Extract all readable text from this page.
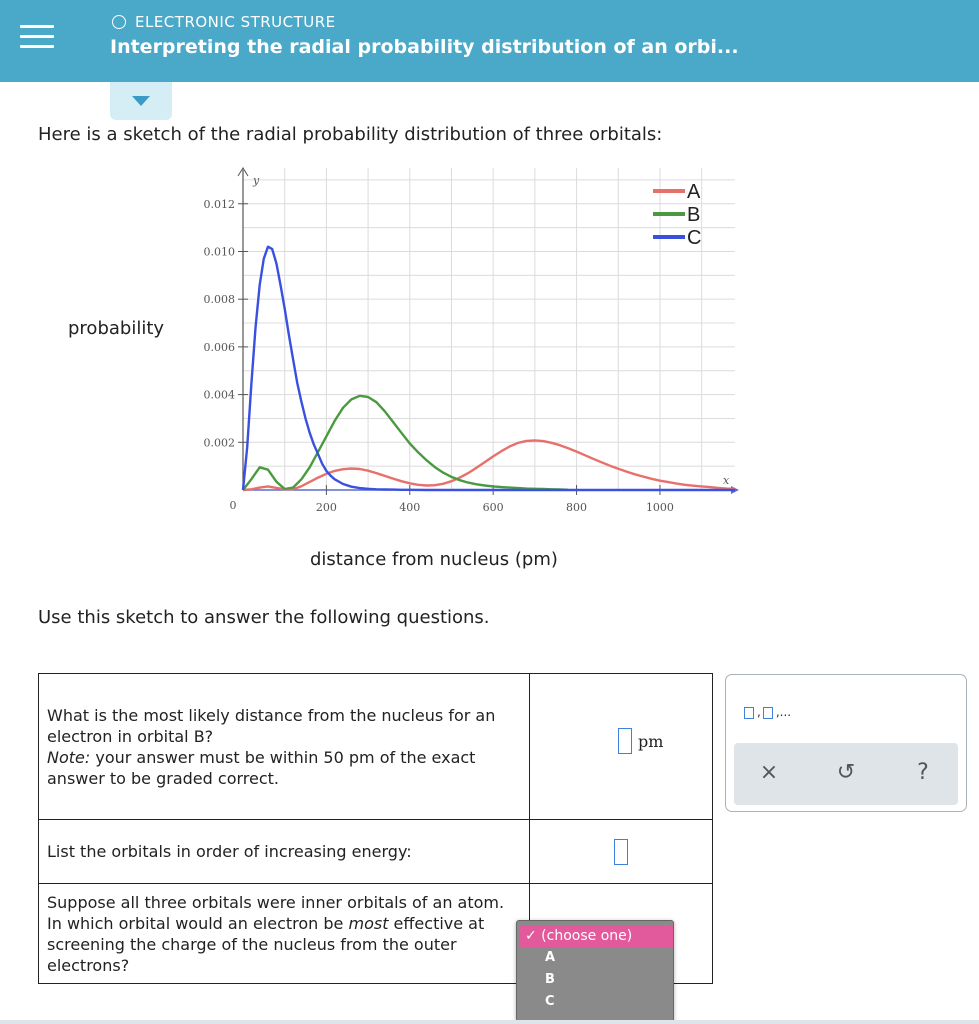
ELECTRONIC STRUCTURE
Interpreting the radial probability distribution of an orbi...
Here is a sketch of the radial probability distribution of three orbitals:
probability
distance from nucleus (pm)
0.002
0.004
0.006
0.008
0.010
0.012
200	400	600	800	1000
0
y
x
A
B
C
Use this sketch to answer the following questions.
What is the most likely distance from the nucleus for an electron in orbital B?
Note: your answer must be within 50 pm of the exact answer to be graded correct.	pm

List the orbitals in order of increasing energy:	

Suppose all three orbitals were inner orbitals of an atom. In which orbital would an electron be most effective at screening the charge of the nucleus from the outer electrons?	
✓ (choose one)
A
B
C
, ,...
×	↺	?
